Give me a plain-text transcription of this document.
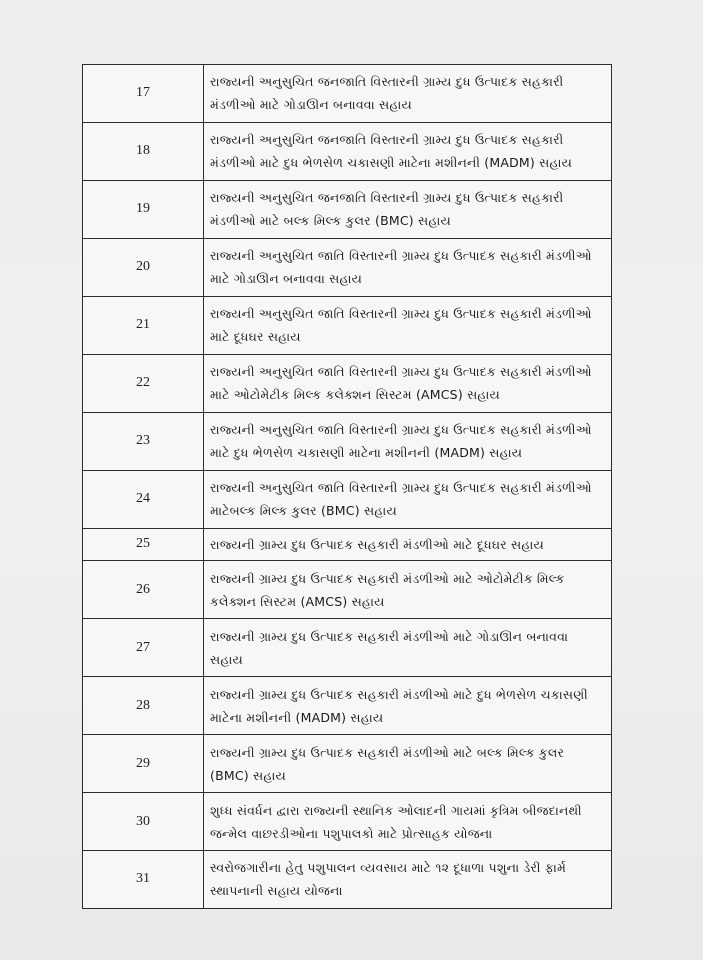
17	રાજ્યની અનુસુચિત જનજાતિ વિસ્તારની ગ્રામ્ય દુધ ઉત્પાદક સહકારી મંડળીઓ માટે ગોડાઊન બનાવવા સહાય
18	રાજ્યની અનુસુચિત જનજાતિ વિસ્તારની ગ્રામ્ય દુધ ઉત્પાદક સહકારી મંડળીઓ માટે દુધ ભેળસેળ ચકાસણી માટેના મશીનની (MADM) સહાય
19	રાજ્યની અનુસુચિત જનજાતિ વિસ્તારની ગ્રામ્ય દુધ ઉત્પાદક સહકારી મંડળીઓ માટે બલ્ક મિલ્ક કુલર (BMC) સહાય
20	રાજ્યની અનુસુચિત જાતિ વિસ્તારની ગ્રામ્ય દુધ ઉત્પાદક સહકારી મંડળીઓ માટે ગોડાઊન બનાવવા સહાય
21	રાજ્યની અનુસુચિત જાતિ વિસ્તારની ગ્રામ્ય દુધ ઉત્પાદક સહકારી મંડળીઓ માટે દૂધઘર સહાય
22	રાજ્યની અનુસુચિત જાતિ વિસ્તારની ગ્રામ્ય દુધ ઉત્પાદક સહકારી મંડળીઓ માટે ઓટોમેટીક મિલ્ક કલેક્શન સિસ્ટમ (AMCS) સહાય
23	રાજ્યની અનુસુચિત જાતિ વિસ્તારની ગ્રામ્ય દુધ ઉત્પાદક સહકારી મંડળીઓ માટે દુધ ભેળસેળ ચકાસણી માટેના મશીનની (MADM) સહાય
24	રાજ્યની અનુસુચિત જાતિ વિસ્તારની ગ્રામ્ય દુધ ઉત્પાદક સહકારી મંડળીઓ માટેબલ્ક મિલ્ક કુલર (BMC) સહાય
25	રાજ્યની ગ્રામ્ય દુધ ઉત્પાદક સહકારી મંડળીઓ માટે દૂધઘર સહાય
26	રાજ્યની ગ્રામ્ય દુધ ઉત્પાદક સહકારી મંડળીઓ માટે ઓટોમેટીક મિલ્ક કલેક્શન સિસ્ટમ (AMCS) સહાય
27	રાજ્યની ગ્રામ્ય દુધ ઉત્પાદક સહકારી મંડળીઓ માટે ગોડાઊન બનાવવા સહાય
28	રાજ્યની ગ્રામ્ય દુધ ઉત્પાદક સહકારી મંડળીઓ માટે દુધ ભેળસેળ ચકાસણી માટેના મશીનની (MADM) સહાય
29	રાજ્યની ગ્રામ્ય દુધ ઉત્પાદક સહકારી મંડળીઓ માટે બલ્ક મિલ્ક કુલર (BMC) સહાય
30	શુધ્ધ સંવર્ધન દ્વારા રાજ્યની સ્થાનિક ઓલાદની ગાયમાં કૃત્રિમ બીજદાનથી જન્મેલ વાછરડીઓના પશુપાલકો માટે પ્રોત્સાહક યોજના
31	સ્વરોજગારીના હેતુ પશુપાલન વ્યવસાય માટે ૧૨ દૂધાળા પશુના ડેરી ફાર્મ સ્થાપનાની સહાય યોજના
